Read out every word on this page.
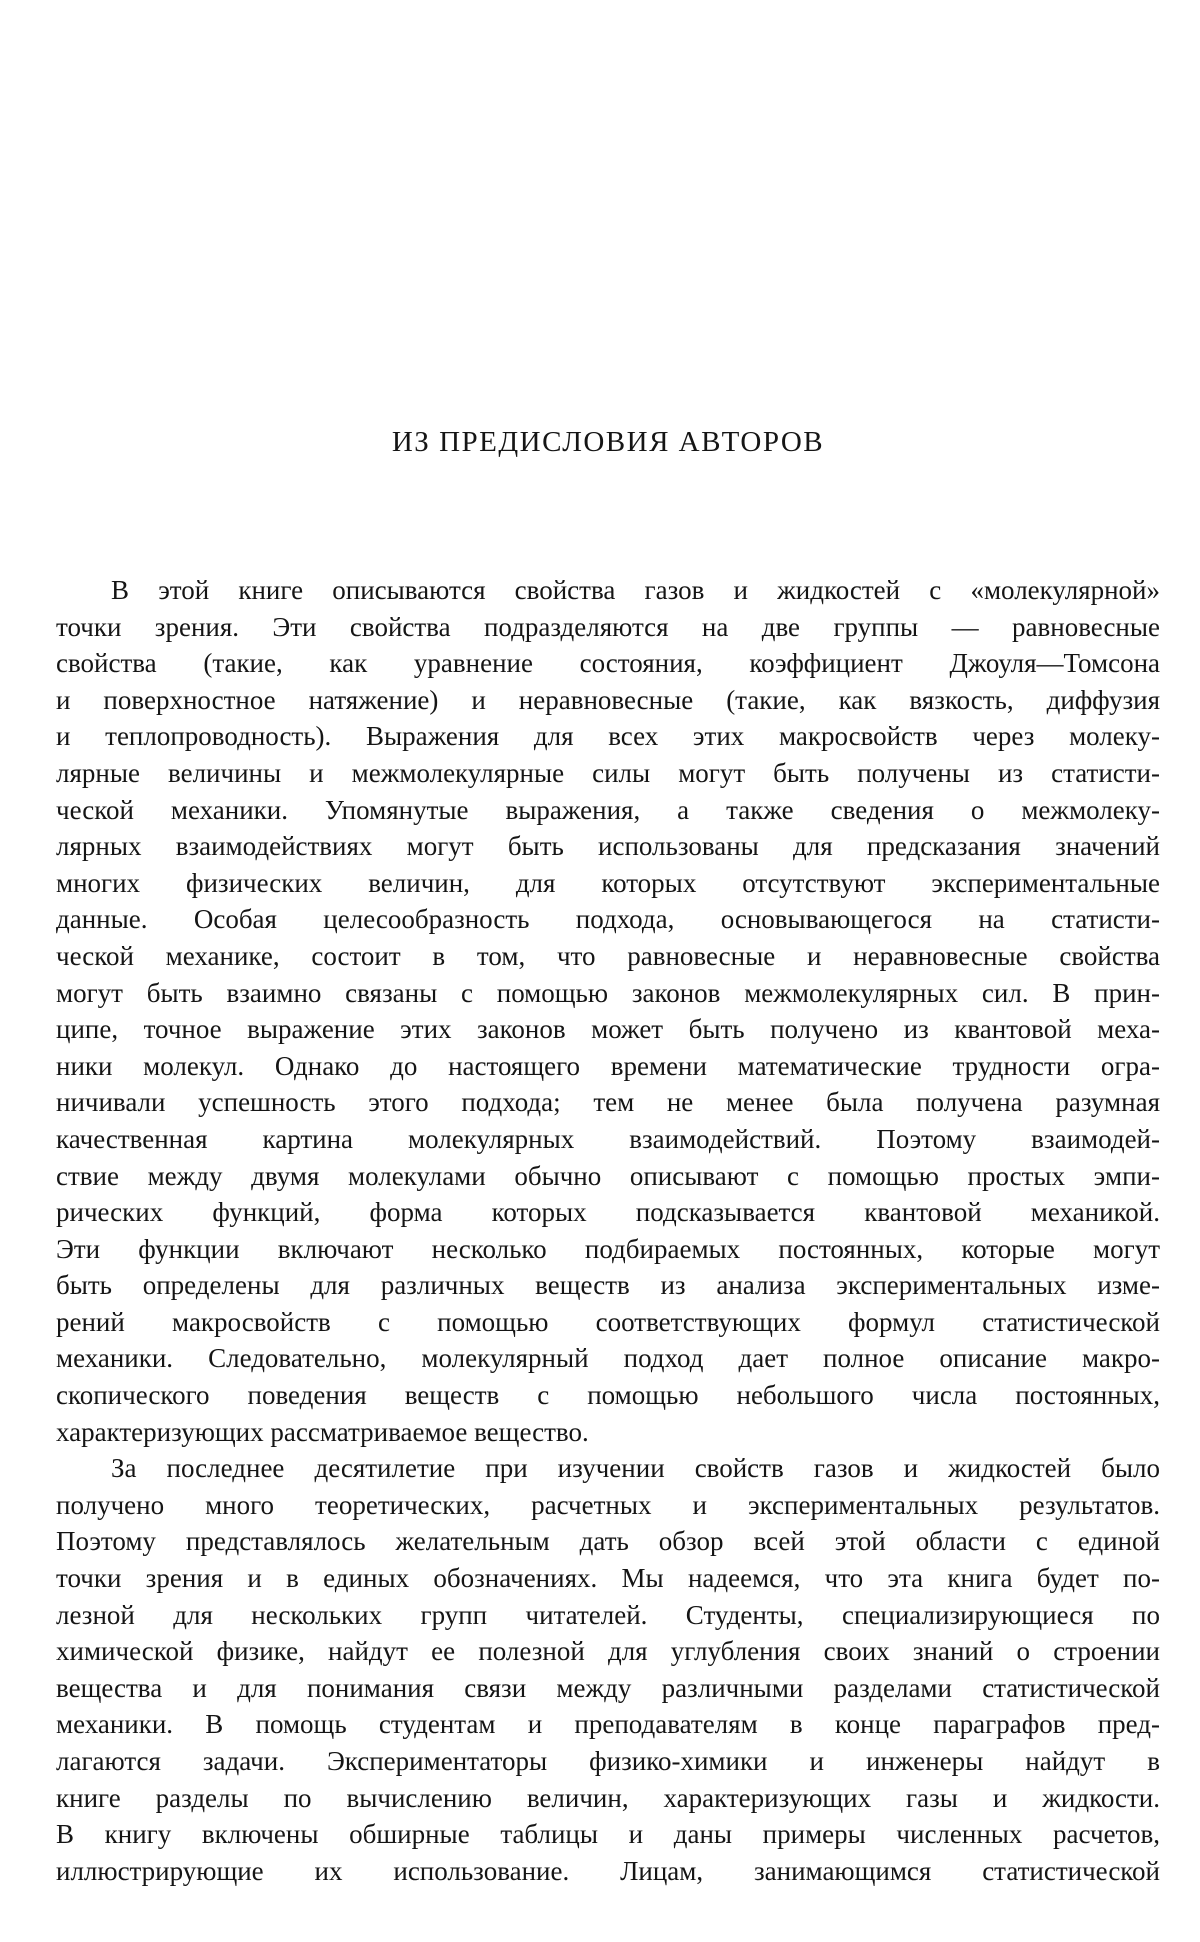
ИЗ ПРЕДИСЛОВИЯ АВТОРОВ
В этой книге описываются свойства газов и жидкостей с «молекулярной»
точки зрения. Эти свойства подразделяются на две группы — равновесные
свойства (такие, как уравнение состояния, коэффициент Джоуля—Томсона
и поверхностное натяжение) и неравновесные (такие, как вязкость, диффузия
и теплопроводность). Выражения для всех этих макросвойств через молеку-
лярные величины и межмолекулярные силы могут быть получены из статисти-
ческой механики. Упомянутые выражения, а также сведения о межмолеку-
лярных взаимодействиях могут быть использованы для предсказания значений
многих физических величин, для которых отсутствуют экспериментальные
данные. Особая целесообразность подхода, основывающегося на статисти-
ческой механике, состоит в том, что равновесные и неравновесные свойства
могут быть взаимно связаны с помощью законов межмолекулярных сил. В прин-
ципе, точное выражение этих законов может быть получено из квантовой меха-
ники молекул. Однако до настоящего времени математические трудности огра-
ничивали успешность этого подхода; тем не менее была получена разумная
качественная картина молекулярных взаимодействий. Поэтому взаимодей-
ствие между двумя молекулами обычно описывают с помощью простых эмпи-
рических функций, форма которых подсказывается квантовой механикой.
Эти функции включают несколько подбираемых постоянных, которые могут
быть определены для различных веществ из анализа экспериментальных изме-
рений макросвойств с помощью соответствующих формул статистической
механики. Следовательно, молекулярный подход дает полное описание макро-
скопического поведения веществ с помощью небольшого числа постоянных,
характеризующих рассматриваемое вещество.
За последнее десятилетие при изучении свойств газов и жидкостей было
получено много теоретических, расчетных и экспериментальных результатов.
Поэтому представлялось желательным дать обзор всей этой области с единой
точки зрения и в единых обозначениях. Мы надеемся, что эта книга будет по-
лезной для нескольких групп читателей. Студенты, специализирующиеся по
химической физике, найдут ее полезной для углубления своих знаний о строении
вещества и для понимания связи между различными разделами статистической
механики. В помощь студентам и преподавателям в конце параграфов пред-
лагаются задачи. Экспериментаторы физико-химики и инженеры найдут в
книге разделы по вычислению величин, характеризующих газы и жидкости.
В книгу включены обширные таблицы и даны примеры численных расчетов,
иллюстрирующие их использование. Лицам, занимающимся статистической
